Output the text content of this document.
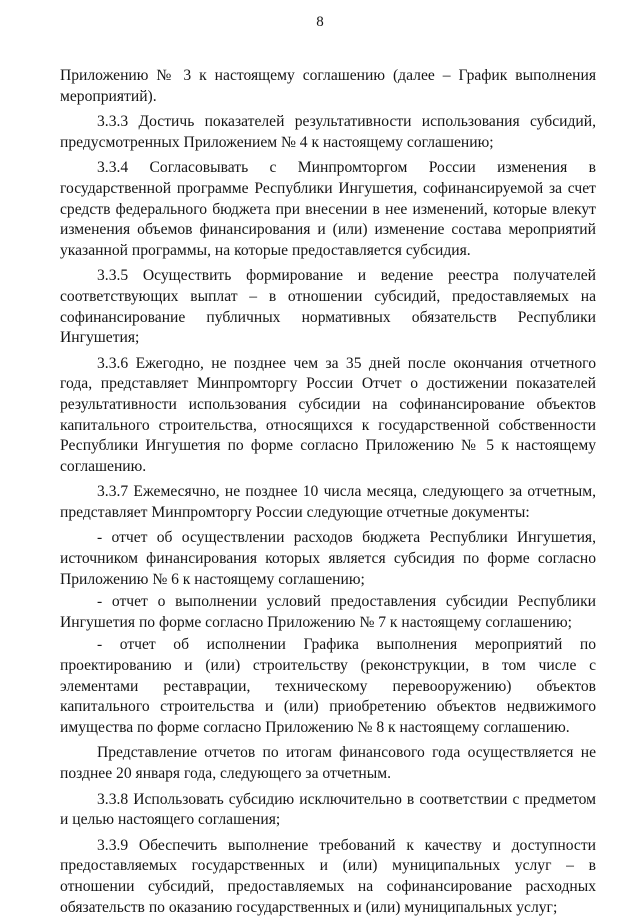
8

Приложению № 3 к настоящему соглашению (далее – График выполнения мероприятий).

3.3.3 Достичь показателей результативности использования субсидий, предусмотренных Приложением № 4 к настоящему соглашению;

3.3.4 Согласовывать с Минпромторгом России изменения в государственной программе Республики Ингушетия, софинансируемой за счет средств федерального бюджета при внесении в нее изменений, которые влекут изменения объемов финансирования и (или) изменение состава мероприятий указанной программы, на которые предоставляется субсидия.

3.3.5 Осуществить формирование и ведение реестра получателей соответствующих выплат – в отношении субсидий, предоставляемых на софинансирование публичных нормативных обязательств Республики Ингушетия;

3.3.6 Ежегодно, не позднее чем за 35 дней после окончания отчетного года, представляет Минпромторгу России Отчет о достижении показателей результативности использования субсидии на софинансирование объектов капитального строительства, относящихся к государственной собственности Республики Ингушетия по форме согласно Приложению № 5 к настоящему соглашению.

3.3.7 Ежемесячно, не позднее 10 числа месяца, следующего за отчетным, представляет Минпромторгу России следующие отчетные документы:

- отчет об осуществлении расходов бюджета Республики Ингушетия, источником финансирования которых является субсидия по форме согласно Приложению № 6 к настоящему соглашению;

- отчет о выполнении условий предоставления субсидии Республики Ингушетия по форме согласно Приложению № 7 к настоящему соглашению;

- отчет об исполнении Графика выполнения мероприятий по проектированию и (или) строительству (реконструкции, в том числе с элементами реставрации, техническому перевооружению) объектов капитального строительства и (или) приобретению объектов недвижимого имущества по форме согласно Приложению № 8 к настоящему соглашению.

Представление отчетов по итогам финансового года осуществляется не позднее 20 января года, следующего за отчетным.

3.3.8 Использовать субсидию исключительно в соответствии с предметом и целью настоящего соглашения;

3.3.9 Обеспечить выполнение требований к качеству и доступности предоставляемых государственных и (или) муниципальных услуг – в отношении субсидий, предоставляемых на софинансирование расходных обязательств по оказанию государственных и (или) муниципальных услуг;
